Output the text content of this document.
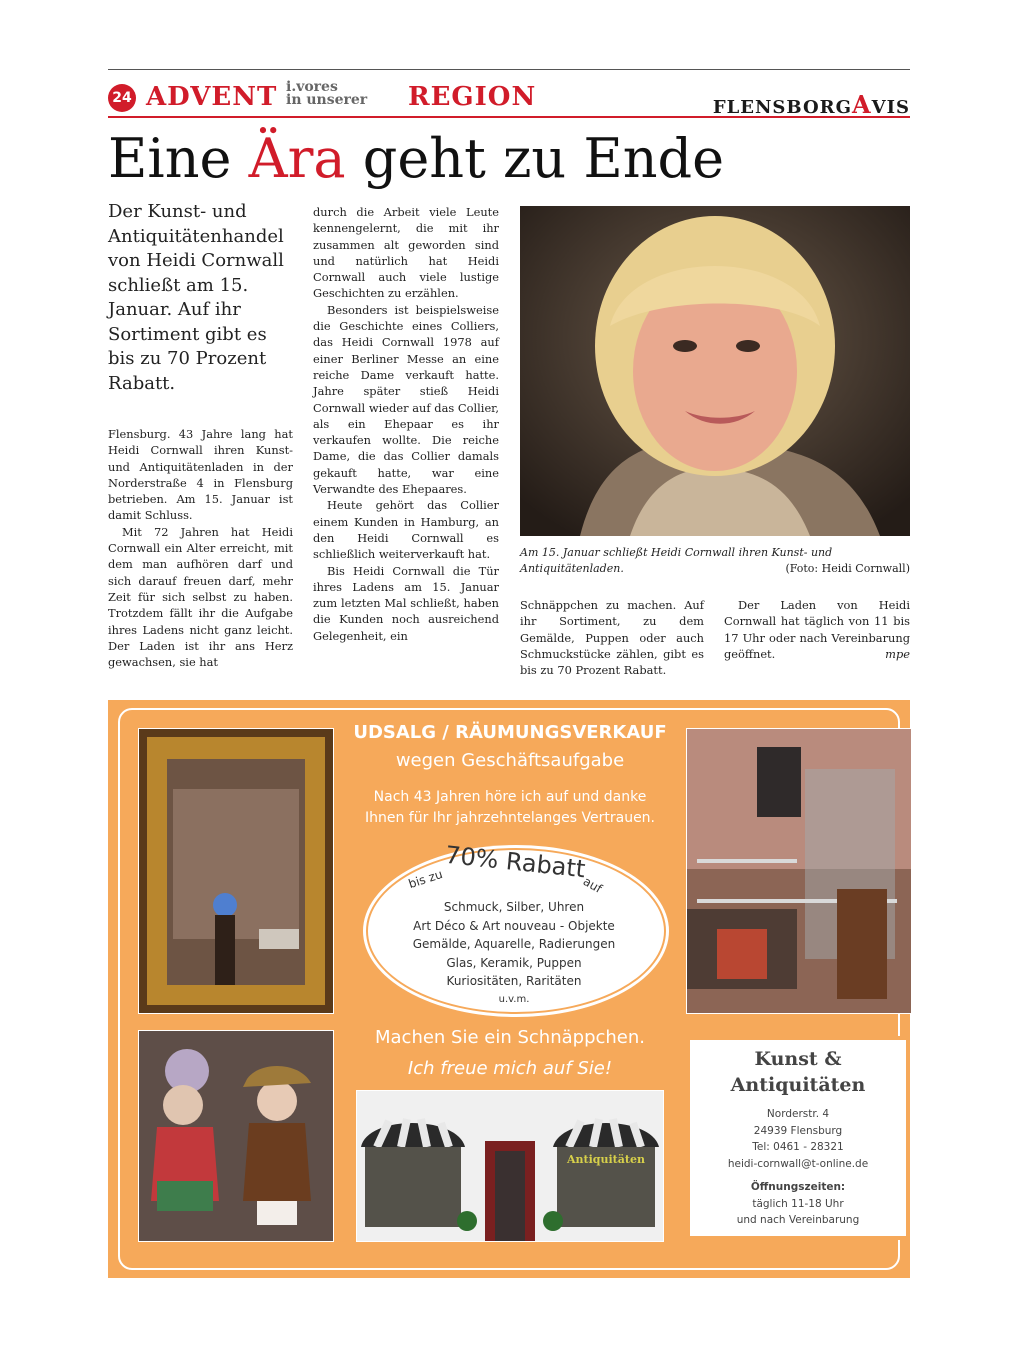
24 ADVENT i.vores
in unserer	REGION	FLENSBORGAVIS
Eine Ära geht zu Ende
Der Kunst- und Antiquitätenhandel von Heidi Cornwall schließt am 15. Januar. Auf ihr Sortiment gibt es bis zu 70 Prozent Rabatt.

Flensburg. 43 Jahre lang hat Heidi Cornwall ihren Kunst- und Antiquitätenladen in der Norderstraße 4 in Flensburg betrieben. Am 15. Januar ist damit Schluss.

Mit 72 Jahren hat Heidi Cornwall ein Alter erreicht, mit dem man aufhören darf und sich darauf freuen darf, mehr Zeit für sich selbst zu haben. Trotzdem fällt ihr die Aufgabe ihres Ladens nicht ganz leicht. Der Laden ist ihr ans Herz gewachsen, sie hat

durch die Arbeit viele Leute kennengelernt, die mit ihr zusammen alt geworden sind und natürlich hat Heidi Cornwall auch viele lustige Geschichten zu erzählen.

Besonders ist beispielsweise die Geschichte eines Colliers, das Heidi Cornwall 1978 auf einer Berliner Messe an eine reiche Dame verkauft hatte. Jahre später stieß Heidi Cornwall wieder auf das Collier, als ein Ehepaar es ihr verkaufen wollte. Die reiche Dame, die das Collier damals gekauft hatte, war eine Verwandte des Ehepaares.

Heute gehört das Collier einem Kunden in Hamburg, an den Heidi Cornwall es schließlich weiterverkauft hat.

Bis Heidi Cornwall die Tür ihres Ladens am 15. Januar zum letzten Mal schließt, haben die Kunden noch ausreichend Gelegenheit, ein

Am 15. Januar schließt Heidi Cornwall ihren Kunst- und Antiquitätenladen.	(Foto: Heidi Cornwall)

Schnäppchen zu machen. Auf ihr Sortiment, zu dem Gemälde, Puppen oder auch Schmuckstücke zählen, gibt es bis zu 70 Prozent Rabatt.

Der Laden von Heidi Cornwall hat täglich von 11 bis 17 Uhr oder nach Vereinbarung geöffnet.	mpe

Antiquitäten
UDSALG / RÄUMUNGSVERKAUF
wegen Geschäftsaufgabe
Nach 43 Jahren höre ich auf und danke
Ihnen für Ihr jahrzehntelanges Vertrauen.
bis zu 70% Rabatt
auf
Schmuck, Silber, Uhren
Art Déco & Art nouveau - Objekte
Gemälde, Aquarelle, Radierungen
Glas, Keramik, Puppen
Kuriositäten, Raritäten
u.v.m.
Machen Sie ein Schnäppchen.
Ich freue mich auf Sie!	Kunst &
Antiquitäten
Norderstr. 4
24939 Flensburg
Tel: 0461 - 28321
heidi-cornwall@t-online.de
Öffnungszeiten:
täglich 11-18 Uhr
und nach Vereinbarung
